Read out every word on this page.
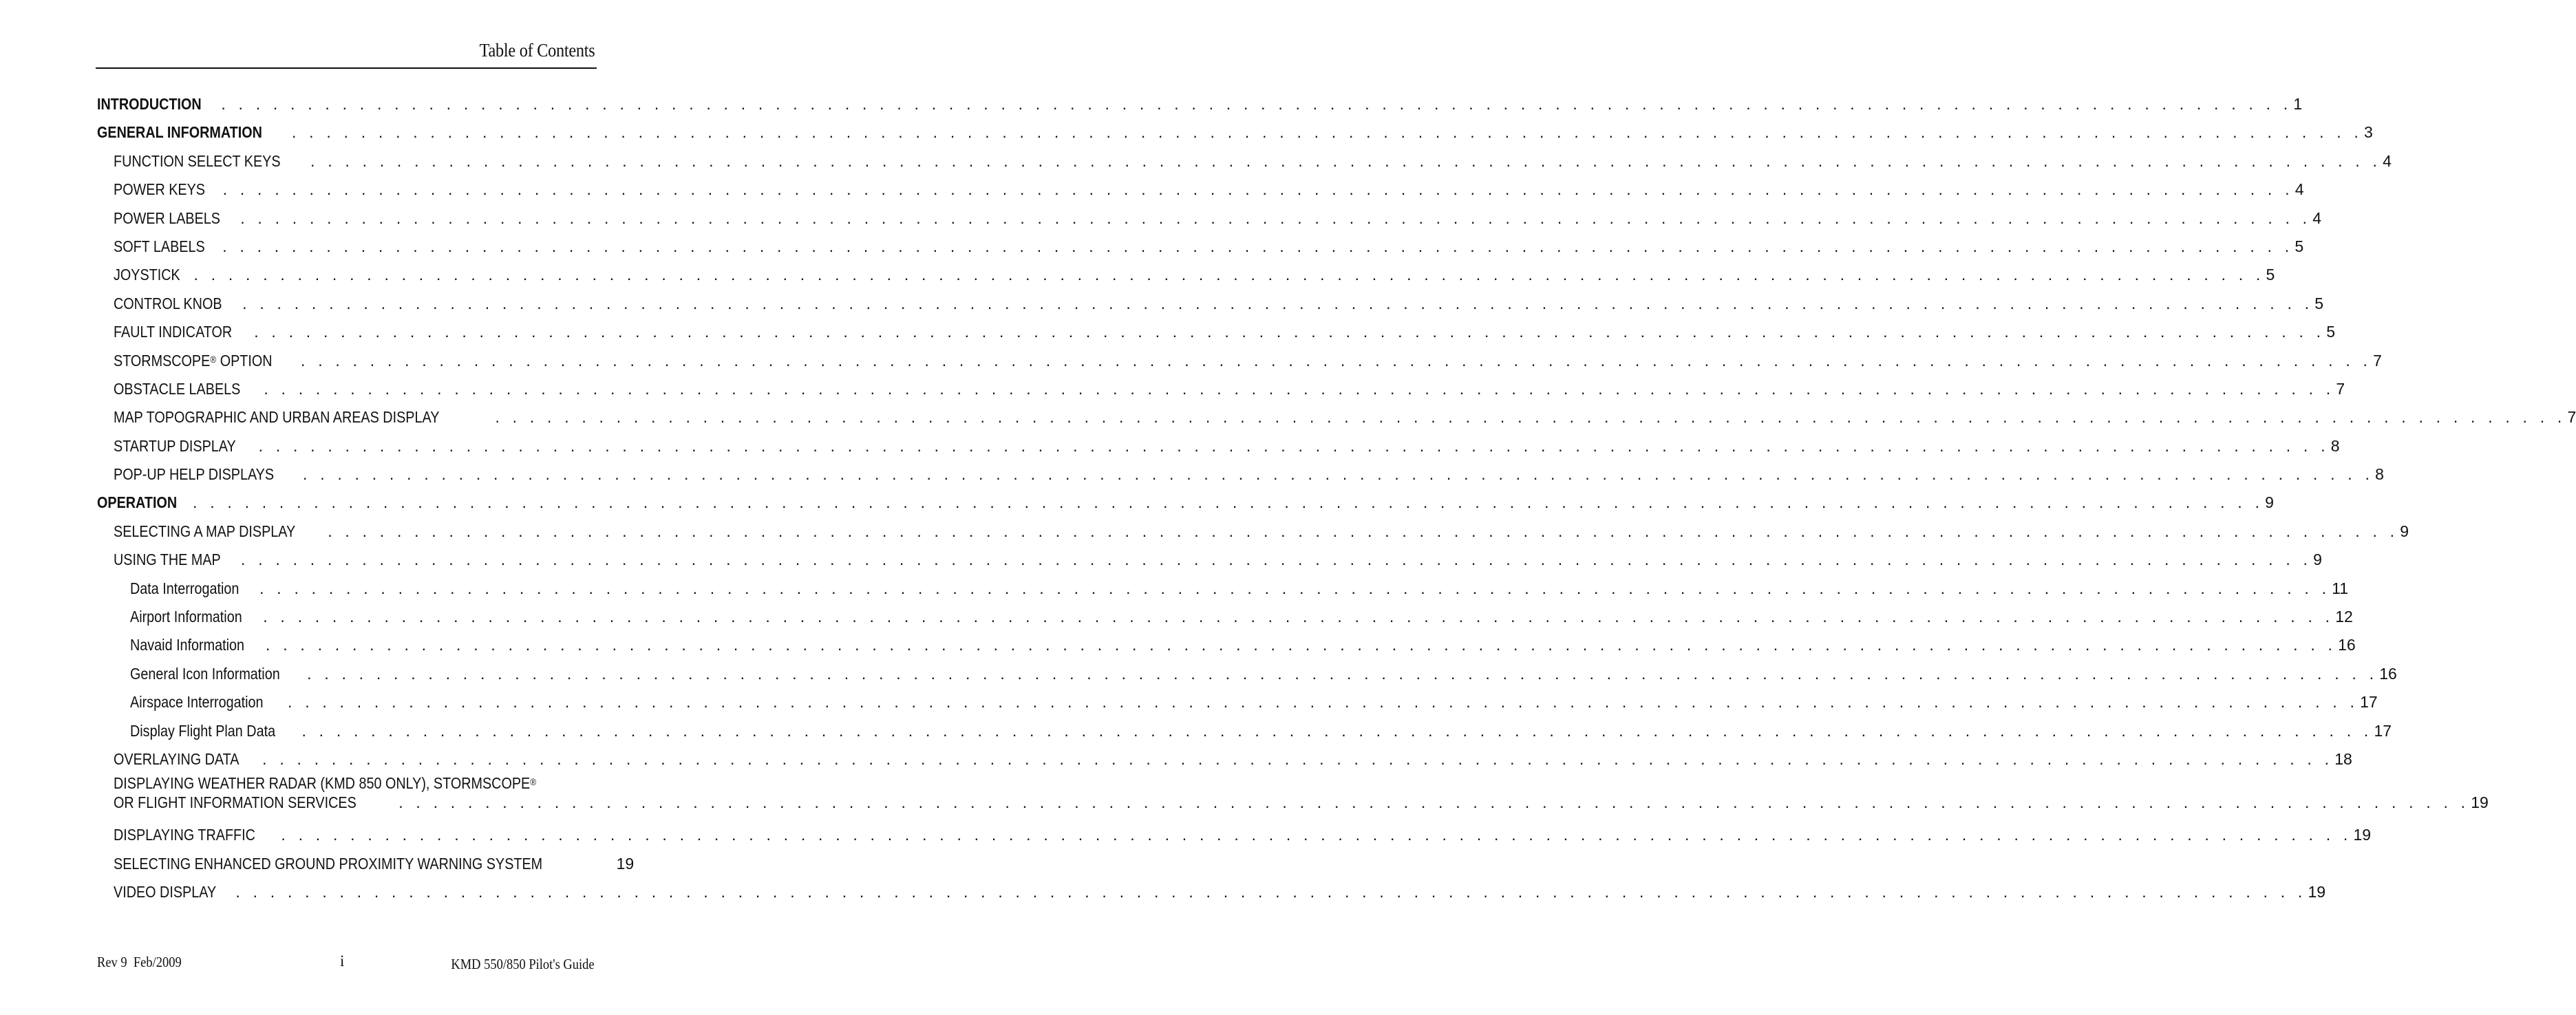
Table of Contents
INTRODUCTION . . . . . . . . . . . . . . . . . . . . . . . . . . . . . . . . . . . . . . . . . . . . . . . . . . . . . . . . . . . . . . . . . . . . . . . . . . . . . . . . . . . . . . . . . . . . . . . . . . . . . . . . . . . . . . . . . . . . . . . . 1
GENERAL INFORMATION . . . . . . . . . . . . . . . . . . . . . . . . . . . . . . . . . . . . . . . . . . . . . . . . . . . . . . . . . . . . . . . . . . . . . . . . . . . . . . . . . . . . . . . . . . . . . . . . . . . . . . . . . . . . . . . . . . . . . . . . 3
FUNCTION SELECT KEYS . . . . . . . . . . . . . . . . . . . . . . . . . . . . . . . . . . . . . . . . . . . . . . . . . . . . . . . . . . . . . . . . . . . . . . . . . . . . . . . . . . . . . . . . . . . . . . . . . . . . . . . . . . . . . . . . . . . . . . . . 4
POWER KEYS . . . . . . . . . . . . . . . . . . . . . . . . . . . . . . . . . . . . . . . . . . . . . . . . . . . . . . . . . . . . . . . . . . . . . . . . . . . . . . . . . . . . . . . . . . . . . . . . . . . . . . . . . . . . . . . . . . . . . . . . 4
POWER LABELS . . . . . . . . . . . . . . . . . . . . . . . . . . . . . . . . . . . . . . . . . . . . . . . . . . . . . . . . . . . . . . . . . . . . . . . . . . . . . . . . . . . . . . . . . . . . . . . . . . . . . . . . . . . . . . . . . . . . . . . . 4
SOFT LABELS . . . . . . . . . . . . . . . . . . . . . . . . . . . . . . . . . . . . . . . . . . . . . . . . . . . . . . . . . . . . . . . . . . . . . . . . . . . . . . . . . . . . . . . . . . . . . . . . . . . . . . . . . . . . . . . . . . . . . . . . 5
JOYSTICK . . . . . . . . . . . . . . . . . . . . . . . . . . . . . . . . . . . . . . . . . . . . . . . . . . . . . . . . . . . . . . . . . . . . . . . . . . . . . . . . . . . . . . . . . . . . . . . . . . . . . . . . . . . . . . . . . . . . . . . . 5
CONTROL KNOB . . . . . . . . . . . . . . . . . . . . . . . . . . . . . . . . . . . . . . . . . . . . . . . . . . . . . . . . . . . . . . . . . . . . . . . . . . . . . . . . . . . . . . . . . . . . . . . . . . . . . . . . . . . . . . . . . . . . . . . . 5
FAULT INDICATOR . . . . . . . . . . . . . . . . . . . . . . . . . . . . . . . . . . . . . . . . . . . . . . . . . . . . . . . . . . . . . . . . . . . . . . . . . . . . . . . . . . . . . . . . . . . . . . . . . . . . . . . . . . . . . . . . . . . . . . . . 5
STORMSCOPE® OPTION . . . . . . . . . . . . . . . . . . . . . . . . . . . . . . . . . . . . . . . . . . . . . . . . . . . . . . . . . . . . . . . . . . . . . . . . . . . . . . . . . . . . . . . . . . . . . . . . . . . . . . . . . . . . . . . . . . . . . . . . 7
OBSTACLE LABELS . . . . . . . . . . . . . . . . . . . . . . . . . . . . . . . . . . . . . . . . . . . . . . . . . . . . . . . . . . . . . . . . . . . . . . . . . . . . . . . . . . . . . . . . . . . . . . . . . . . . . . . . . . . . . . . . . . . . . . . . 7
MAP TOPOGRAPHIC AND URBAN AREAS DISPLAY	. . . . . . . . . . . . . . . . . . . . . . . . . . . . . . . . . . . . . . . . . . . . . . . . . . . . . . . . . . . . . . . . . . . . . . . . . . . . . . . . . . . . . . . . . . . . . . . . . . . . . . . . . . . . . . . . . . . . . . . . 7
STARTUP DISPLAY . . . . . . . . . . . . . . . . . . . . . . . . . . . . . . . . . . . . . . . . . . . . . . . . . . . . . . . . . . . . . . . . . . . . . . . . . . . . . . . . . . . . . . . . . . . . . . . . . . . . . . . . . . . . . . . . . . . . . . . . 8
POP-UP HELP DISPLAYS . . . . . . . . . . . . . . . . . . . . . . . . . . . . . . . . . . . . . . . . . . . . . . . . . . . . . . . . . . . . . . . . . . . . . . . . . . . . . . . . . . . . . . . . . . . . . . . . . . . . . . . . . . . . . . . . . . . . . . . . 8
OPERATION . . . . . . . . . . . . . . . . . . . . . . . . . . . . . . . . . . . . . . . . . . . . . . . . . . . . . . . . . . . . . . . . . . . . . . . . . . . . . . . . . . . . . . . . . . . . . . . . . . . . . . . . . . . . . . . . . . . . . . . . 9
SELECTING A MAP DISPLAY . . . . . . . . . . . . . . . . . . . . . . . . . . . . . . . . . . . . . . . . . . . . . . . . . . . . . . . . . . . . . . . . . . . . . . . . . . . . . . . . . . . . . . . . . . . . . . . . . . . . . . . . . . . . . . . . . . . . . . . . 9
USING THE MAP . . . . . . . . . . . . . . . . . . . . . . . . . . . . . . . . . . . . . . . . . . . . . . . . . . . . . . . . . . . . . . . . . . . . . . . . . . . . . . . . . . . . . . . . . . . . . . . . . . . . . . . . . . . . . . . . . . . . . . . . 9
Data Interrogation . . . . . . . . . . . . . . . . . . . . . . . . . . . . . . . . . . . . . . . . . . . . . . . . . . . . . . . . . . . . . . . . . . . . . . . . . . . . . . . . . . . . . . . . . . . . . . . . . . . . . . . . . . . . . . . . . . . . . . . . 11
Airport Information . . . . . . . . . . . . . . . . . . . . . . . . . . . . . . . . . . . . . . . . . . . . . . . . . . . . . . . . . . . . . . . . . . . . . . . . . . . . . . . . . . . . . . . . . . . . . . . . . . . . . . . . . . . . . . . . . . . . . . . . 12
Navaid Information . . . . . . . . . . . . . . . . . . . . . . . . . . . . . . . . . . . . . . . . . . . . . . . . . . . . . . . . . . . . . . . . . . . . . . . . . . . . . . . . . . . . . . . . . . . . . . . . . . . . . . . . . . . . . . . . . . . . . . . . 16
General Icon Information . . . . . . . . . . . . . . . . . . . . . . . . . . . . . . . . . . . . . . . . . . . . . . . . . . . . . . . . . . . . . . . . . . . . . . . . . . . . . . . . . . . . . . . . . . . . . . . . . . . . . . . . . . . . . . . . . . . . . . . . 16
Airspace Interrogation . . . . . . . . . . . . . . . . . . . . . . . . . . . . . . . . . . . . . . . . . . . . . . . . . . . . . . . . . . . . . . . . . . . . . . . . . . . . . . . . . . . . . . . . . . . . . . . . . . . . . . . . . . . . . . . . . . . . . . . . 17
Display Flight Plan Data . . . . . . . . . . . . . . . . . . . . . . . . . . . . . . . . . . . . . . . . . . . . . . . . . . . . . . . . . . . . . . . . . . . . . . . . . . . . . . . . . . . . . . . . . . . . . . . . . . . . . . . . . . . . . . . . . . . . . . . . 17
OVERLAYING DATA . . . . . . . . . . . . . . . . . . . . . . . . . . . . . . . . . . . . . . . . . . . . . . . . . . . . . . . . . . . . . . . . . . . . . . . . . . . . . . . . . . . . . . . . . . . . . . . . . . . . . . . . . . . . . . . . . . . . . . . . 18
DISPLAYING WEATHER RADAR (KMD 850 ONLY), STORMSCOPE®
OR FLIGHT INFORMATION SERVICES	. . . . . . . . . . . . . . . . . . . . . . . . . . . . . . . . . . . . . . . . . . . . . . . . . . . . . . . . . . . . . . . . . . . . . . . . . . . . . . . . . . . . . . . . . . . . . . . . . . . . . . . . . . . . . . . . . . . . . . . . 19
DISPLAYING TRAFFIC . . . . . . . . . . . . . . . . . . . . . . . . . . . . . . . . . . . . . . . . . . . . . . . . . . . . . . . . . . . . . . . . . . . . . . . . . . . . . . . . . . . . . . . . . . . . . . . . . . . . . . . . . . . . . . . . . . . . . . . . 19
SELECTING ENHANCED GROUND PROXIMITY WARNING SYSTEM	19
VIDEO DISPLAY . . . . . . . . . . . . . . . . . . . . . . . . . . . . . . . . . . . . . . . . . . . . . . . . . . . . . . . . . . . . . . . . . . . . . . . . . . . . . . . . . . . . . . . . . . . . . . . . . . . . . . . . . . . . . . . . . . . . . . . . 19
Rev 9  Feb/2009	i	KMD 550/850 Pilot's Guide
